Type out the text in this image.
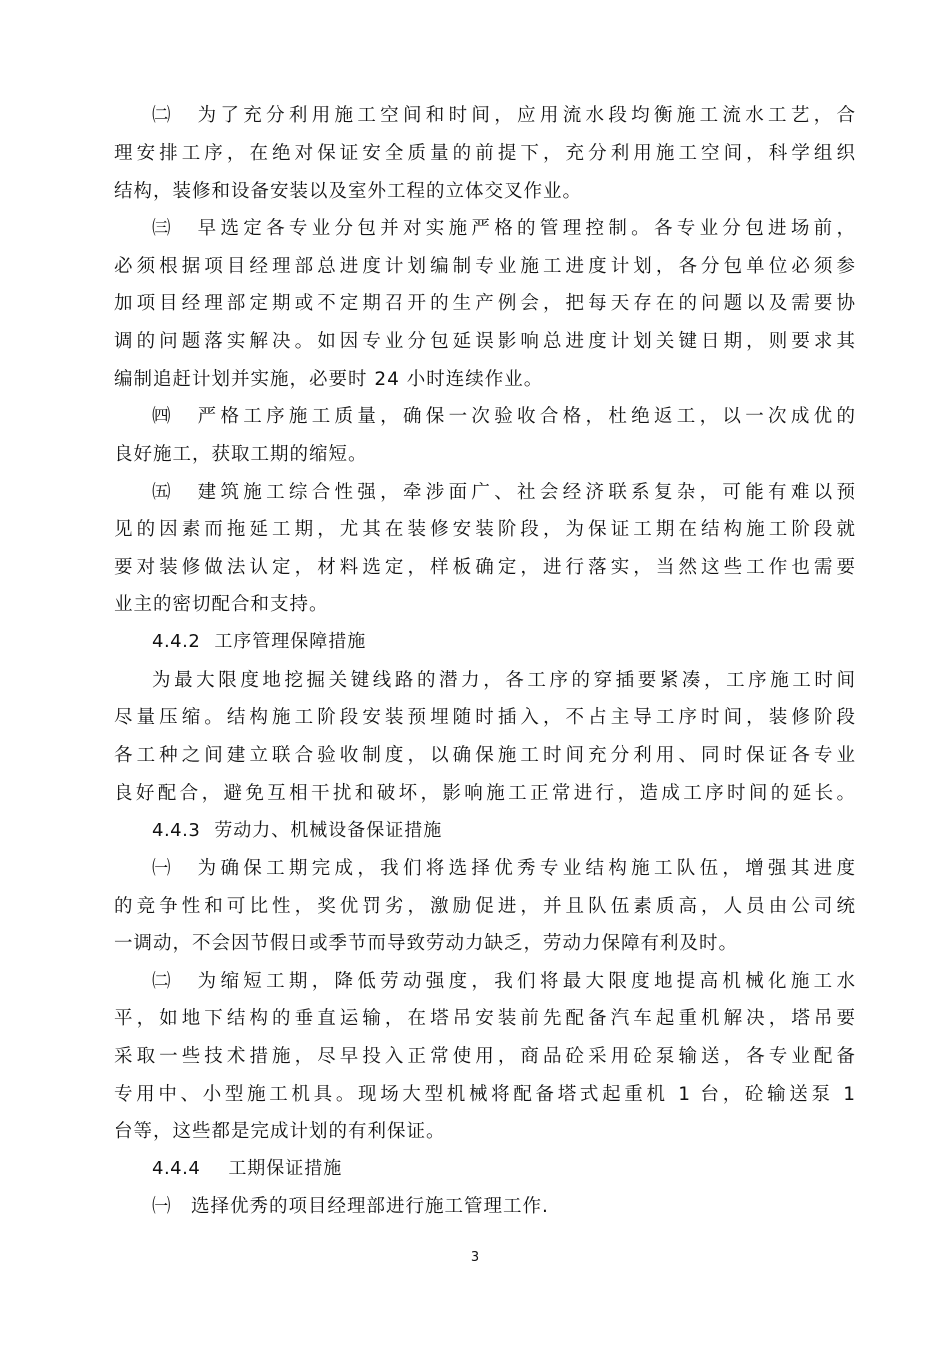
㈡　为了充分利用施工空间和时间，应用流水段均衡施工流水工艺，合
理安排工序，在绝对保证安全质量的前提下，充分利用施工空间，科学组织
结构，装修和设备安装以及室外工程的立体交叉作业。
㈢　早选定各专业分包并对实施严格的管理控制。各专业分包进场前，
必须根据项目经理部总进度计划编制专业施工进度计划，各分包单位必须参
加项目经理部定期或不定期召开的生产例会，把每天存在的问题以及需要协
调的问题落实解决。如因专业分包延误影响总进度计划关键日期，则要求其
编制追赶计划并实施，必要时 24 小时连续作业。
㈣　严格工序施工质量，确保一次验收合格，杜绝返工，以一次成优的
良好施工，获取工期的缩短。
㈤　建筑施工综合性强，牵涉面广、社会经济联系复杂，可能有难以预
见的因素而拖延工期，尤其在装修安装阶段，为保证工期在结构施工阶段就
要对装修做法认定，材料选定，样板确定，进行落实，当然这些工作也需要
业主的密切配合和支持。
4.4.2 工序管理保障措施
为最大限度地挖掘关键线路的潜力，各工序的穿插要紧凑，工序施工时间
尽量压缩。结构施工阶段安装预埋随时插入，不占主导工序时间，装修阶段
各工种之间建立联合验收制度，以确保施工时间充分利用、同时保证各专业
良好配合，避免互相干扰和破坏，影响施工正常进行，造成工序时间的延长。
4.4.3 劳动力、机械设备保证措施
㈠　为确保工期完成，我们将选择优秀专业结构施工队伍，增强其进度
的竞争性和可比性，奖优罚劣，激励促进，并且队伍素质高，人员由公司统
一调动，不会因节假日或季节而导致劳动力缺乏，劳动力保障有利及时。
㈡　为缩短工期，降低劳动强度，我们将最大限度地提高机械化施工水
平，如地下结构的垂直运输，在塔吊安装前先配备汽车起重机解决，塔吊要
采取一些技术措施，尽早投入正常使用，商品砼采用砼泵输送，各专业配备
专用中、小型施工机具。现场大型机械将配备塔式起重机 1 台，砼输送泵 1
台等，这些都是完成计划的有利保证。
4.4.4 工期保证措施
㈠　选择优秀的项目经理部进行施工管理工作.
3
